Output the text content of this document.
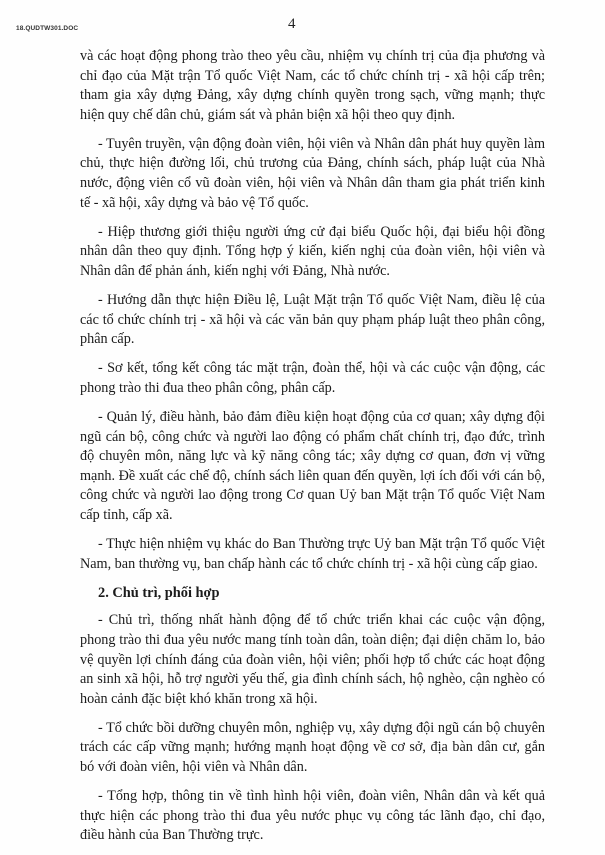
18.QUDTW301.DOC	4

và các hoạt động phong trào theo yêu cầu, nhiệm vụ chính trị của địa phương và chỉ đạo của Mặt trận Tổ quốc Việt Nam, các tổ chức chính trị - xã hội cấp trên; tham gia xây dựng Đảng, xây dựng chính quyền trong sạch, vững mạnh; thực hiện quy chế dân chủ, giám sát và phản biện xã hội theo quy định.

- Tuyên truyền, vận động đoàn viên, hội viên và Nhân dân phát huy quyền làm chủ, thực hiện đường lối, chủ trương của Đảng, chính sách, pháp luật của Nhà nước, động viên cổ vũ đoàn viên, hội viên và Nhân dân tham gia phát triển kinh tế - xã hội, xây dựng và bảo vệ Tổ quốc.

- Hiệp thương giới thiệu người ứng cử đại biểu Quốc hội, đại biểu hội đồng nhân dân theo quy định. Tổng hợp ý kiến, kiến nghị của đoàn viên, hội viên và Nhân dân để phản ánh, kiến nghị với Đảng, Nhà nước.

- Hướng dẫn thực hiện Điều lệ, Luật Mặt trận Tổ quốc Việt Nam, điều lệ của các tổ chức chính trị - xã hội và các văn bản quy phạm pháp luật theo phân công, phân cấp.

- Sơ kết, tổng kết công tác mặt trận, đoàn thể, hội và các cuộc vận động, các phong trào thi đua theo phân công, phân cấp.

- Quản lý, điều hành, bảo đảm điều kiện hoạt động của cơ quan; xây dựng đội ngũ cán bộ, công chức và người lao động có phẩm chất chính trị, đạo đức, trình độ chuyên môn, năng lực và kỹ năng công tác; xây dựng cơ quan, đơn vị vững mạnh. Đề xuất các chế độ, chính sách liên quan đến quyền, lợi ích đối với cán bộ, công chức và người lao động trong Cơ quan Uỷ ban Mặt trận Tổ quốc Việt Nam cấp tỉnh, cấp xã.

- Thực hiện nhiệm vụ khác do Ban Thường trực Uỷ ban Mặt trận Tổ quốc Việt Nam, ban thường vụ, ban chấp hành các tổ chức chính trị - xã hội cùng cấp giao.

2. Chủ trì, phối hợp

- Chủ trì, thống nhất hành động để tổ chức triển khai các cuộc vận động, phong trào thi đua yêu nước mang tính toàn dân, toàn diện; đại diện chăm lo, bảo vệ quyền lợi chính đáng của đoàn viên, hội viên; phối hợp tổ chức các hoạt động an sinh xã hội, hỗ trợ người yếu thế, gia đình chính sách, hộ nghèo, cận nghèo có hoàn cảnh đặc biệt khó khăn trong xã hội.

- Tổ chức bồi dưỡng chuyên môn, nghiệp vụ, xây dựng đội ngũ cán bộ chuyên trách các cấp vững mạnh; hướng mạnh hoạt động về cơ sở, địa bàn dân cư, gắn bó với đoàn viên, hội viên và Nhân dân.

- Tổng hợp, thông tin về tình hình hội viên, đoàn viên, Nhân dân và kết quả thực hiện các phong trào thi đua yêu nước phục vụ công tác lãnh đạo, chỉ đạo, điều hành của Ban Thường trực.
